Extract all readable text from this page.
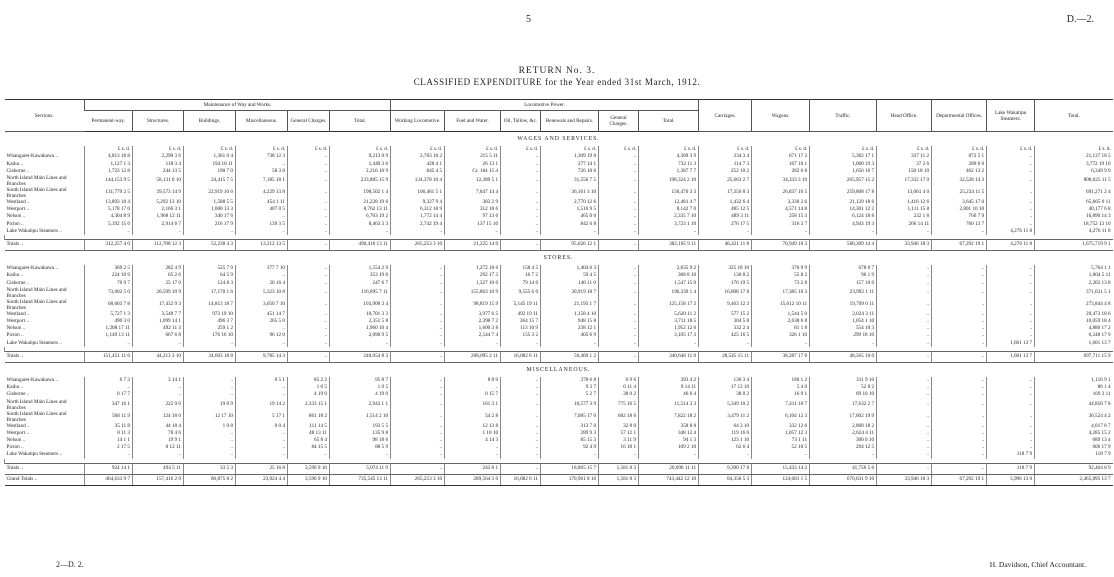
5	D.—2.
RETURN No. 3.
CLASSIFIED EXPENDITURE for the Year ended 31st March, 1912.
Sections.	Maintenance of Way and Works.						Locomotive Power.						Carriages.	Wagons.	Traffic.	Head Office.	Departmental Offices.	Lake Wakatipu Steamers.	Total.
	Permanent-way.	Structures.	Buildings.	Miscellaneous.	General Charges.	Total.	Working Locomotive.	Fuel and Water.	Oil, Tallow, &c.	Renewals and Repairs.	General Charges.	Total.							
WAGES AND SERVICES.																			
	£ s. d.	£ s. d.	£ s. d.	£ s. d.	£ s. d.	£ s. d.	£ s. d.	£ s. d.	£ s. d.	£ s. d.	£ s. d.	£ s. d.	£ s. d.	£ s. d.	£ s. d.	£ s. d.	£ s. d.	£ s. d.	£ s. d.
Whangarei-Kawakawa ..	4,813 18 8	2,290 3 6	1,361 0 4	738 12 3	..	9,213 0 9	2,783 18 2	215 5 11	..	1,309 19 8	..	4,309 3 9	334 3 4	671 17 3	5,382 17 1	337 11 2	872 5 1	..	21,137 18 5
Kaihu ..	1,127 1 3	118 3 4	194 18 11	..	..	1,440 3 6	428 4 1	26 13 1	..	277 14 1	..	732 11 3	114 7 3	167 10 1	1,000 19 3	37 2 6	280 6 0	..	3,772 19 10
Gisborne ..	1,723 12 8	244 13 5	190 7 0	58 3 8	..	2,216 16 9	845 4 5	Cr. 184 15 4	..	726 18 6	..	1,387 7 7	252 10 2	282 6 8	1,656 16 7	150 18 10	402 13 2	..	6,349 9 9
North Island Main Lines and Branches	144,153 9 5	58,131 0 10	24,415 7 5	7,185 18 1	..	233,885 15 9	134,378 10 4	12,389 5 1	..	31,556 7 5	..	198,324 2 10	25,663 2 7	34,333 3 10	265,957 15 2	17,332 17 0	32,528 14 3	..	808,025 11 5
South Island Main Lines and Branches	131,779 2 5	39,573 14 9	22,919 10 6	4,229 13 8	..	198,502 1 4	106,461 5 1	7,847 14 4	..	36,161 3 10	..	150,470 3 3	17,356 8 3	26,837 16 5	259,808 17 8	13,061 4 0	25,234 11 5	..	691,271 2 4
Westland ..	13,893 18 4	5,292 13 10	1,588 5 5	454 1 11	..	21,228 19 6	9,327 9 4	383 2 9	..	2,770 12 6	..	12,481 4 7	1,432 6 4	3,330 2 6	21,129 18 6	1,416 12 6	3,645 17 0	..	65,665 0 11
Westport ..	5,178 17 0	2,166 3 1	1,000 13 3	407 0 5	..	8,762 13 11	6,312 18 9	312 18 6	..	1,516 9 5	..	8,142 7 0	485 12 5	4,571 14 8	14,301 12 2	1,111 15 8	2,801 10 10	..	40,177 6 8
Nelson ..	4,304 8 9	1,968 12 11	340 17 6	..	..	6,703 19 2	1,772 14 4	97 13 6	..	465 0 0	..	2,335 7 10	489 3 11	258 15 3	6,124 18 8	232 1 8	766 7 9	..	16,890 14 3
Picton ..	5,192 15 6	2,914 6 7	216 17 9	139 3 5	..	8,463 3 3	2,742 19 4	137 15 10	..	842 6 8	..	3,723 1 10	276 17 5	316 3 7	4,943 19 3	266 14 11	760 13 7	..	18,752 13 10
Lake Wakatipu Steamers ..	..	..	..	..	..	..	..	..	..	..	..	..	..	..	..	..	..	4,276 11 8	4,276 11 8

Totals ..	312,257 4 0	112,708 12 3	52,238 4 3	13,212 13 5	..	490,416 13 11	265,253 3 10	21,225 14 0	..	95,626 12 1	..	382,105 9 11	46,421 11 8	70,949 10 3	580,309 14 4	33,946 18 3	67,292 19 1	4,276 11 8	1,675,719 9 1
STORES.																			
Whangarei-Kawakawa ..	369 2 5	282 4 9	525 7 9	377 7 10	..	1,554 2 9	..	1,272 18 6	158 4 5	1,404 6 3	..	2,835 9 2	325 18 10	370 9 9	678 0 7	..	..	..	5,764 1 1
Kaihu ..	224 10 9	65 2 6	64 5 9	..	..	353 19 0	..	292 17 3	16 7 2	59 4 5	..	368 8 10	130 8 2	55 8 2	96 1 9	..	..	..	1,004 5 11
Gisborne ..	76 9 7	25 17 0	124 8 3	20 16 4	..	247 6 7	..	1,327 10 0	79 14 0	140 11 0	..	1,547 15 0	176 19 5	73 2 8	157 10 0	..	..	..	2,202 13 8
North Island Main Lines and Branches	73,602 5 0	20,599 10 9	17,170 1 6	5,323 10 8	..	116,895 7 11	..	155,863 10 9	9,555 6 0	30,919 18 7	..	196,339 1 4	16,808 17 8	17,385 16 3	23,992 1 11	..	..	..	371,631 5 1
South Island Main Lines and Branches	68,603 7 8	17,432 9 3	14,813 18 7	3,050 7 10	..	103,900 3 4	..	98,819 15 9	5,145 19 11	21,193 1 7	..	125,158 17 3	9,463 12 3	15,612 10 11	19,709 0 11	..	..	..	273,844 4 8
Westland ..	5,727 1 3	3,548 7 7	973 19 10	451 14 7	..	10,701 3 3	..	3,977 6 5	492 19 11	1,158 4 10	..	5,620 11 2	577 15 2	1,544 5 0	2,024 3 11	..	..	..	20,473 18 6
Westport ..	490 3 0	1,099 14 1	496 3 7	265 5 0	..	2,351 5 8	..	2,398 7 2	364 15 7	948 15 8	..	3,711 18 5	304 5 8	2,638 6 8	1,054 1 10	..	..	..	10,059 18 4
Nelson ..	1,208 17 11	492 11 3	259 1 2	..	..	1,960 10 4	..	1,600 3 8	113 10 9	238 12 1	..	1,952 12 6	332 2 4	81 1 8	554 10 3	..	..	..	4,880 17 2
Picton ..	1,149 13 11	667 6 8	176 16 10	96 12 0	..	2,090 9 5	..	2,544 7 4	155 3 2	405 6 9	..	3,105 17 3	425 16 5	326 1 10	299 18 10	..	..	..	6,248 17 9
Lake Wakatipu Steamers ..	..	..	..	..	..	..	..	..	..	..	..	..	..	..	..	..	..	1,601 13 7	1,601 13 7

Totals ..	151,451 11 6	44,213 3 10	34,603 18 8	9,785 14 3	..	240,054 8 3	..	268,095 2 11	16,082 6 11	56,469 1 2	..	340,646 11 0	28,545 15 11	38,287 17 0	48,565 10 0	..	..	1,601 13 7	697,711 15 9
MISCELLANEOUS.																			
Whangarei-Kawakawa ..	6 7 3	3 14 1	..	0 5 1	85 2 2	95 8 7	..	8 8 0	..	378 6 8	6 9 6	393 4 2	136 3 4	180 1 2	311 9 10	..	..	..	1,116 9 1
Kaihu ..	..	..	..	..	1 0 5	1 0 5	..	..	..	9 3 7	0 11 4	9 14 11	17 13 10	5 4 0	52 8 2	..	..	..	86 1 4
Gisborne ..	0 17 7	..	..	..	4 19 0	4 19 0	..	0 15 7	..	5 2 7	38 0 2	46 6 4	38 0 2	16 9 1	69 10 10	..	..	..	169 3 11
North Island Main Lines and Branches	347 16 1	222 9 0	19 6 9	19 14 2	2,333 15 1	2,943 1 1	..	161 3 1	..	10,577 3 9	775 16 5	11,514 3 3	5,349 10 2	7,411 10 7	17,632 2 7	..	..	..	44,850 7 8
South Island Main Lines and Branches	508 11 9	124 18 0	12 17 10	5 17 1	861 18 2	1,514 2 10	..	54 2 8	..	7,085 17 0	682 18 6	7,822 18 2	3,479 11 2	6,104 12 3	17,602 19 9	..	..	..	36,524 4 2
Westland ..	35 11 8	44 18 4	1 0 8	0 0 4	111 14 5	193 5 5	..	12 13 8	..	313 7 0	32 8 0	358 8 8	64 3 10	332 12 6	2,868 18 2	..	..	..	4,017 8 7
Westport ..	8 11 3	78 4 6	..	..	48 13 11	135 9 8	..	1 10 10	..	289 9 3	57 12 1	348 12 4	119 16 0	1,057 12 3	2,624 4 11	..	..	..	4,285 15 2
Nelson ..	14 1 1	19 9 1	..	..	65 8 4	98 18 6	..	4 14 3	..	85 15 3	3 11 9	94 1 3	123 1 10	73 1 11	300 0 10	..	..	..	689 13 4
Picton ..	2 17 5	0 12 11	..	..	84 15 5	88 5 9	..	..	..	92 4 9	16 18 1	109 2 10	62 6 4	52 10 5	294 12 5	..	..	..	606 17 9
Lake Wakatipu Steamers ..	..	..	..	..	..	..	..	..	..	..	..	..	..	..	..	..	..	118 7 9	118 7 9

Totals ..	924 14 1	494 5 11	33 5 3	25 16 8	3,596 9 10	5,074 11 9	..	243 8 1	..	18,865 15 7	1,581 8 3	20,690 11 11	9,390 17 8	15,433 14 2	41,756 5 6	..	..	118 7 9	92,464 8 9
Grand Totals ..	464,633 9 7	157,416 2 0	86,875 8 2	23,024 4 4	3,596 9 10	735,545 13 11	265,253 3 10	289,564 5 0	16,082 6 11	170,961 8 10	1,581 8 3	743,442 12 10	84,358 5 3	124,681 1 5	670,631 9 10	33,946 18 3	67,292 19 1	5,996 13 0	2,465,895 13 7
2—D. 2.	H. Davidson, Chief Accountant.
